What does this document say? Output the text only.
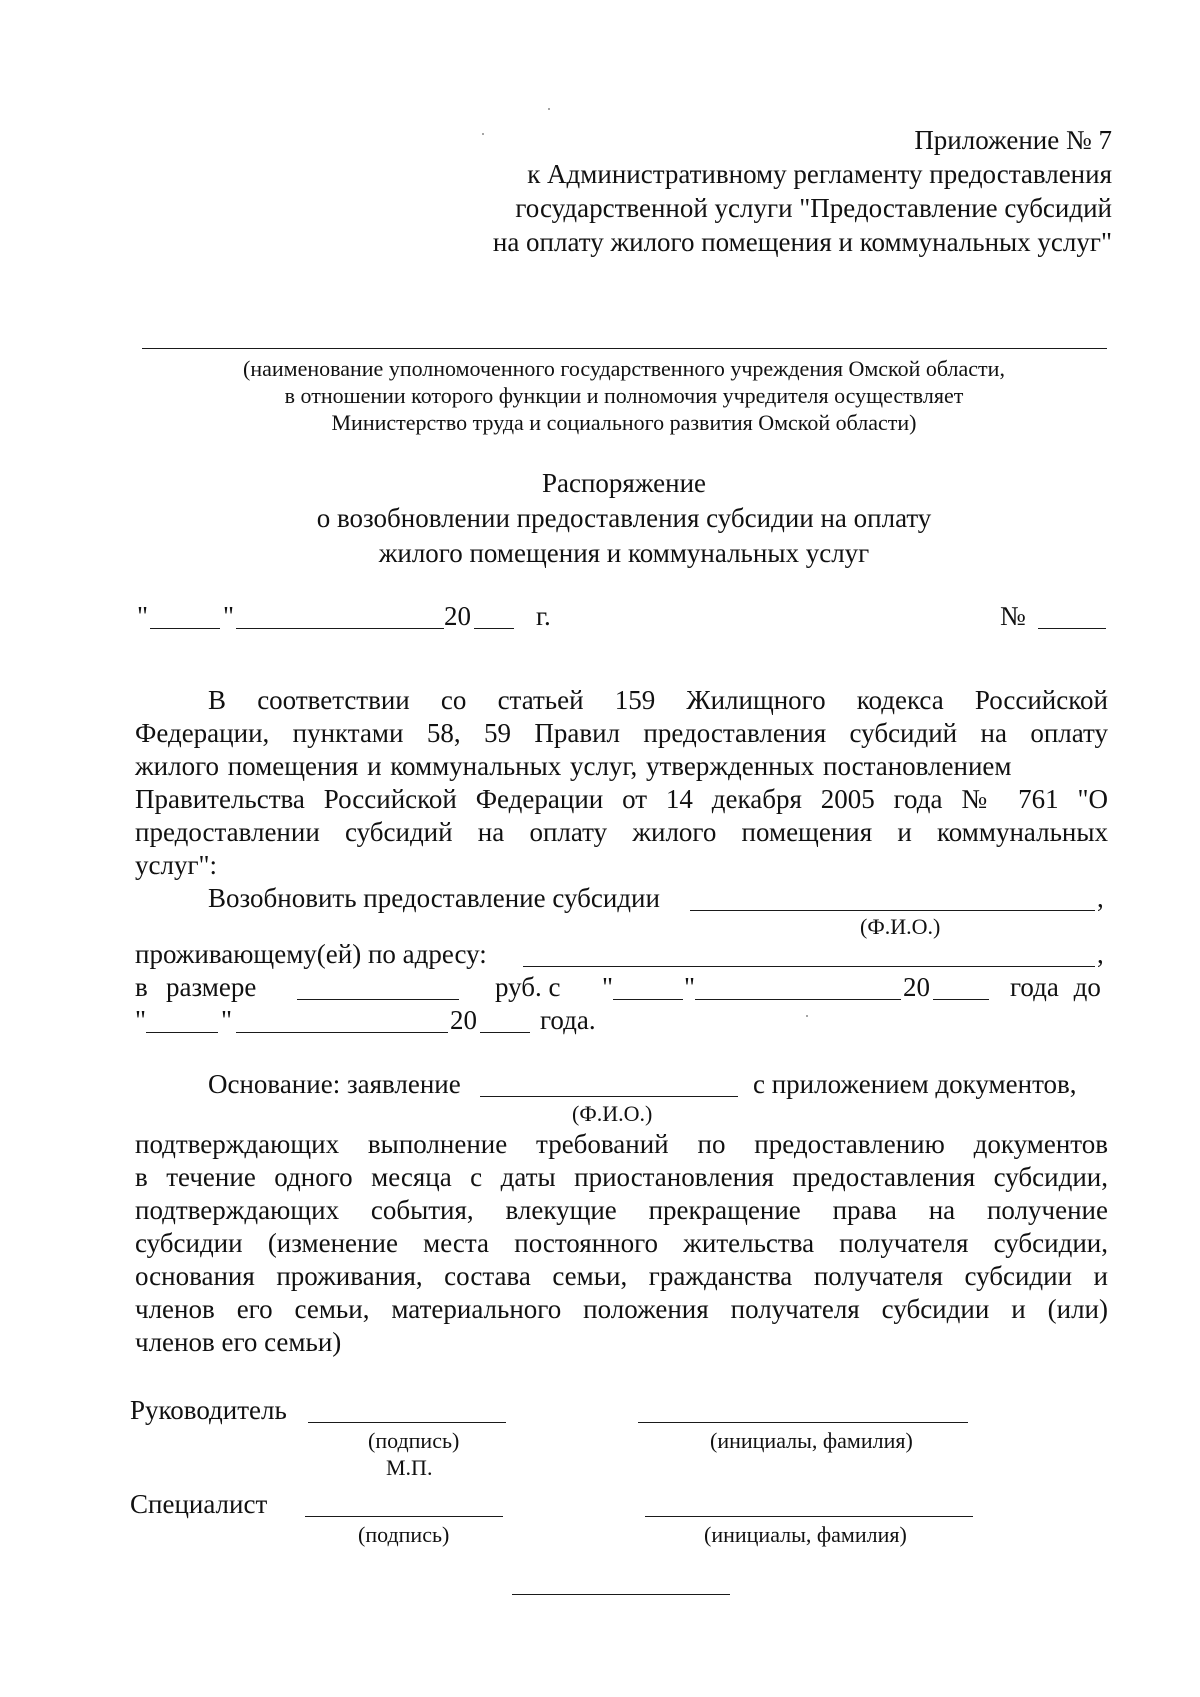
Приложение № 7
к Административному регламенту предоставления
государственной услуги "Предоставление субсидий
на оплату жилого помещения и коммунальных услуг"
(наименование уполномоченного государственного учреждения Омской области,
в отношении которого функции и полномочия учредителя осуществляет
Министерство труда и социального развития Омской области)
Распоряжение
о возобновлении предоставления субсидии на оплату
жилого помещения и коммунальных услуг
"	"	20 г.	№
В соответствии со статьей 159 Жилищного кодекса Российской
Федерации, пунктами 58, 59 Правил предоставления субсидий на оплату
жилого помещения и коммунальных услуг, утвержденных постановлением
Правительства Российской Федерации от 14 декабря 2005 года № 761 "О
предоставлении субсидий на оплату жилого помещения и коммунальных
услуг":
Возобновить предоставление субсидии	,
(Ф.И.О.)
проживающему(ей) по адресу:	,
в размере	руб. с "	"	20	года до
"	"	20 года.
Основание: заявление	с приложением документов,
(Ф.И.О.)
подтверждающих выполнение требований по предоставлению документов
в течение одного месяца с даты приостановления предоставления субсидии,
подтверждающих события, влекущие прекращение права на получение
субсидии (изменение места постоянного жительства получателя субсидии,
основания проживания, состава семьи, гражданства получателя субсидии и
членов его семьи, материального положения получателя субсидии и (или)
членов его семьи)
Руководитель
(подпись)	(инициалы, фамилия)
М.П.
Специалист
(подпись)	(инициалы, фамилия)
